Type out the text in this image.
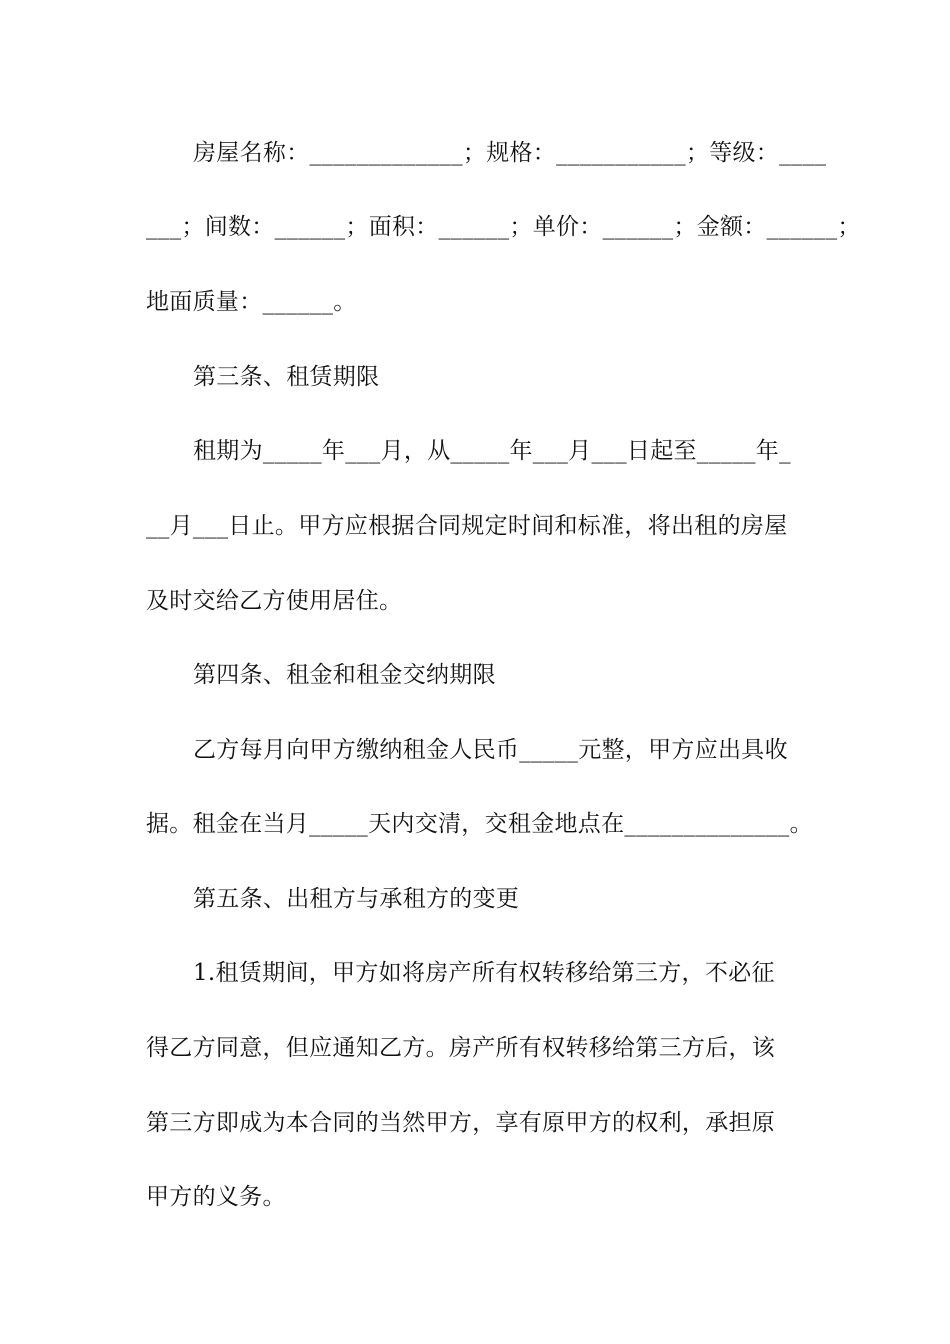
房屋名称：_____________；规格：___________；等级：____
___；间数：______；面积：______；单价：______；金额：______；
地面质量：______。
第三条、租赁期限
租期为_____年___月，从_____年___月___日起至_____年_
__月___日止。甲方应根据合同规定时间和标准，将出租的房屋
及时交给乙方使用居住。
第四条、租金和租金交纳期限
乙方每月向甲方缴纳租金人民币_____元整，甲方应出具收
据。租金在当月_____天内交清，交租金地点在______________。
第五条、出租方与承租方的变更
1.租赁期间，甲方如将房产所有权转移给第三方，不必征
得乙方同意，但应通知乙方。房产所有权转移给第三方后，该
第三方即成为本合同的当然甲方，享有原甲方的权利，承担原
甲方的义务。
